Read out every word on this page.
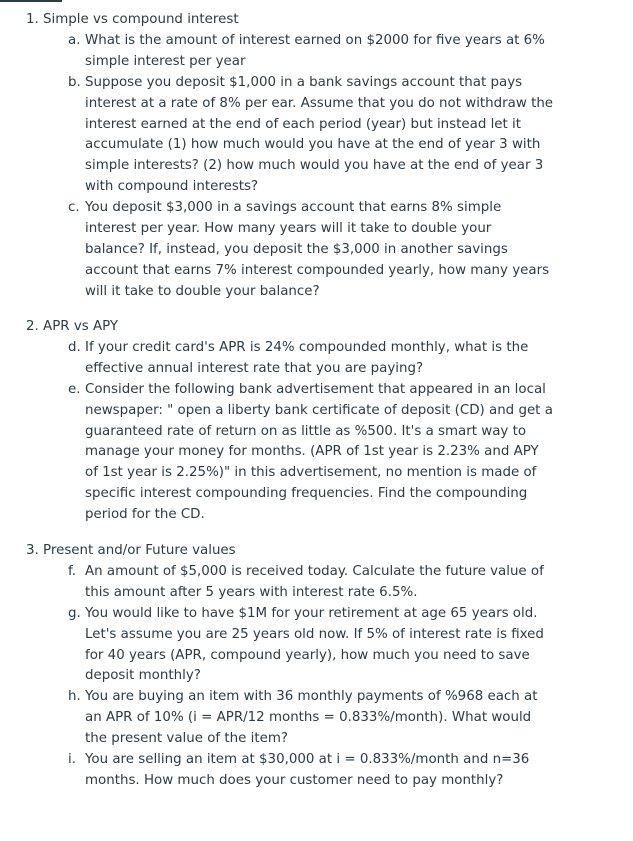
1. Simple vs compound interest
a. What is the amount of interest earned on $2000 for five years at 6% simple interest per year
b. Suppose you deposit $1,000 in a bank savings account that pays interest at a rate of 8% per ear. Assume that you do not withdraw the interest earned at the end of each period (year) but instead let it accumulate (1) how much would you have at the end of year 3 with simple interests? (2) how much would you have at the end of year 3 with compound interests?
c. You deposit $3,000 in a savings account that earns 8% simple interest per year. How many years will it take to double your balance? If, instead, you deposit the $3,000 in another savings account that earns 7% interest compounded yearly, how many years will it take to double your balance?
2. APR vs APY
d. If your credit card's APR is 24% compounded monthly, what is the effective annual interest rate that you are paying?
e. Consider the following bank advertisement that appeared in an local newspaper: " open a liberty bank certificate of deposit (CD) and get a guaranteed rate of return on as little as %500. It's a smart way to manage your money for months. (APR of 1st year is 2.23% and APY of 1st year is 2.25%)" in this advertisement, no mention is made of specific interest compounding frequencies. Find the compounding period for the CD.
3. Present and/or Future values
f. An amount of $5,000 is received today. Calculate the future value of this amount after 5 years with interest rate 6.5%.
g. You would like to have $1M for your retirement at age 65 years old. Let's assume you are 25 years old now. If 5% of interest rate is fixed for 40 years (APR, compound yearly), how much you need to save deposit monthly?
h. You are buying an item with 36 monthly payments of %968 each at an APR of 10% (i = APR/12 months = 0.833%/month). What would the present value of the item?
i. You are selling an item at $30,000 at i = 0.833%/month and n=36 months. How much does your customer need to pay monthly?
